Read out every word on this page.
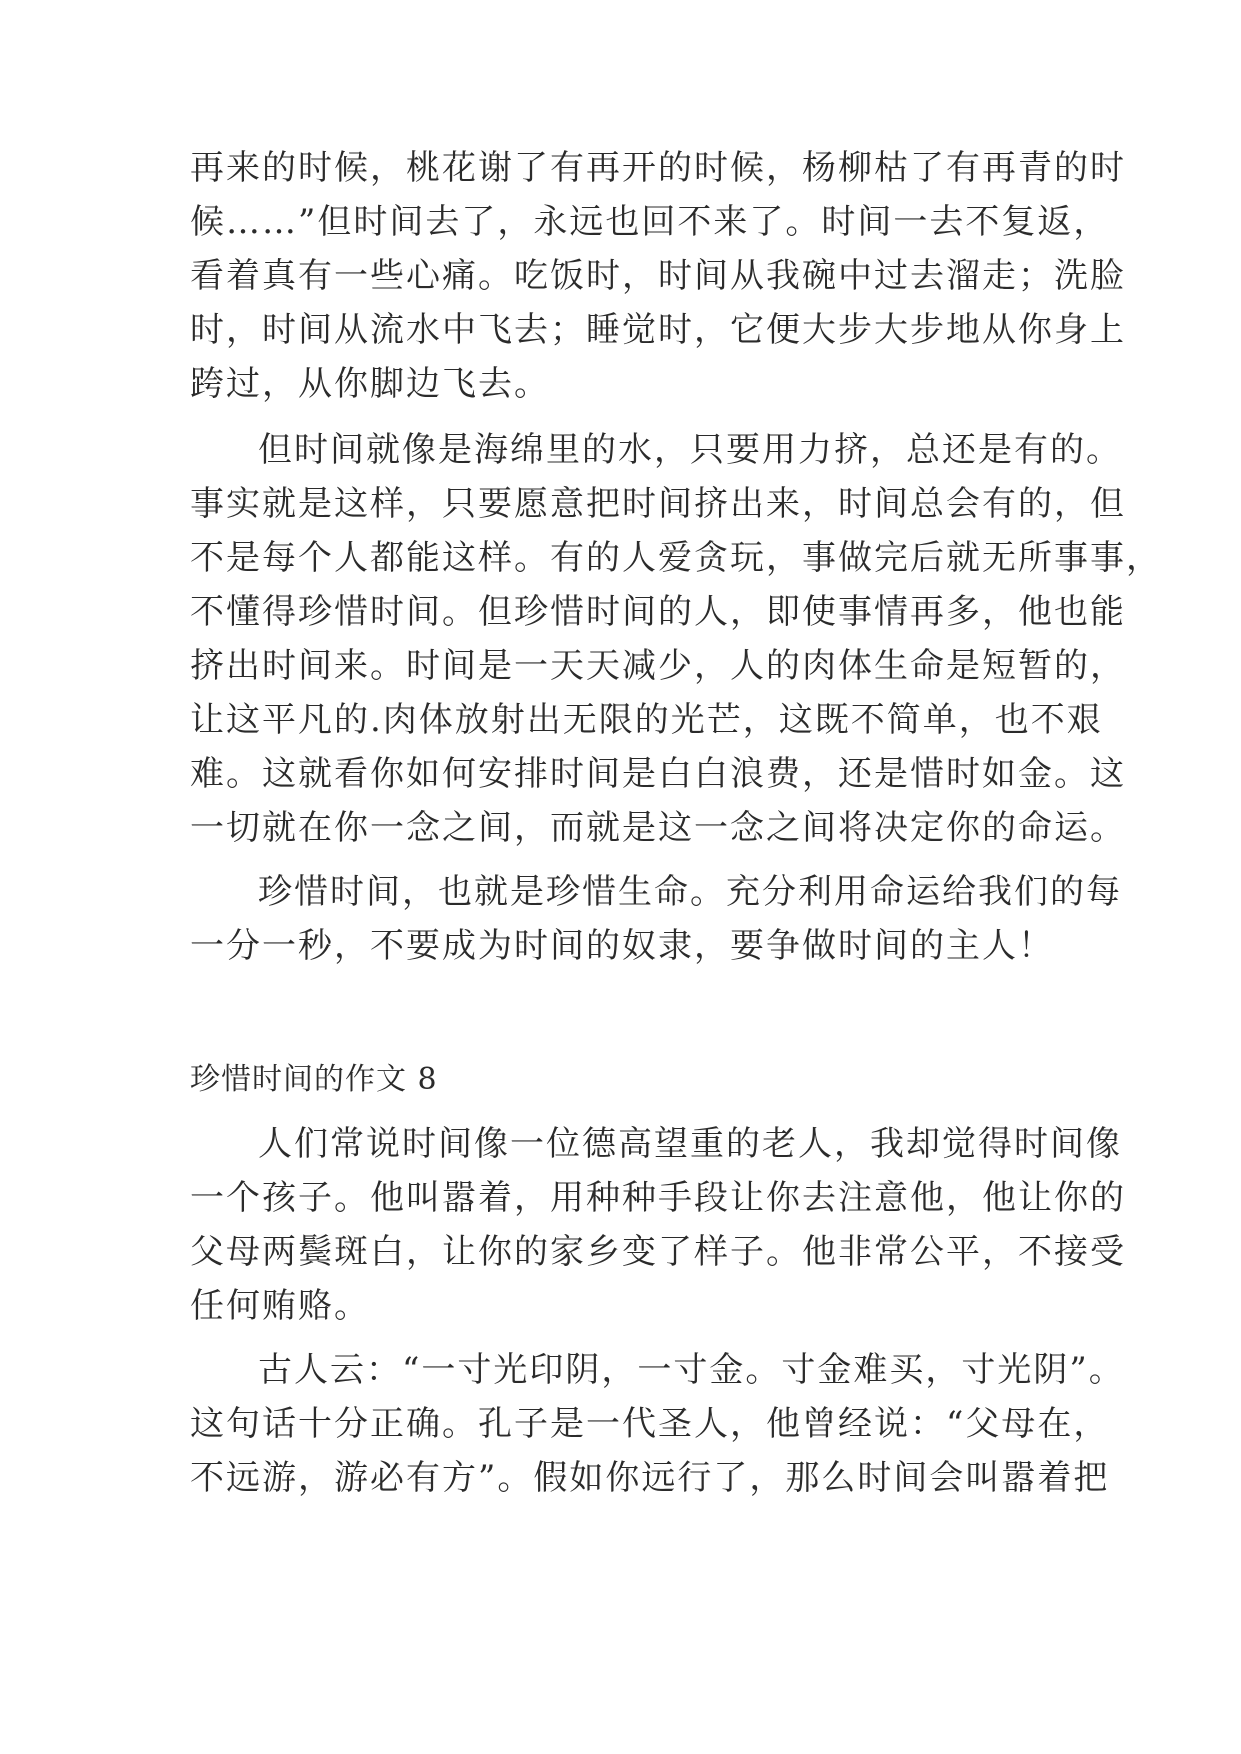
再来的时候，桃花谢了有再开的时候，杨柳枯了有再青的时
候……”但时间去了，永远也回不来了。时间一去不复返，
看着真有一些心痛。吃饭时，时间从我碗中过去溜走；洗脸
时，时间从流水中飞去；睡觉时，它便大步大步地从你身上
跨过，从你脚边飞去。
但时间就像是海绵里的水，只要用力挤，总还是有的。
事实就是这样，只要愿意把时间挤出来，时间总会有的，但
不是每个人都能这样。有的人爱贪玩，事做完后就无所事事，
不懂得珍惜时间。但珍惜时间的人，即使事情再多，他也能
挤出时间来。时间是一天天减少，人的肉体生命是短暂的，
让这平凡的.肉体放射出无限的光芒，这既不简单，也不艰
难。这就看你如何安排时间是白白浪费，还是惜时如金。这
一切就在你一念之间，而就是这一念之间将决定你的命运。
珍惜时间，也就是珍惜生命。充分利用命运给我们的每
一分一秒，不要成为时间的奴隶，要争做时间的主人！
珍惜时间的作文 8
人们常说时间像一位德高望重的老人，我却觉得时间像
一个孩子。他叫嚣着，用种种手段让你去注意他，他让你的
父母两鬓斑白，让你的家乡变了样子。他非常公平，不接受
任何贿赂。
古人云：“一寸光印阴，一寸金。寸金难买，寸光阴”。
这句话十分正确。孔子是一代圣人，他曾经说：“父母在，
不远游，游必有方”。假如你远行了，那么时间会叫嚣着把
